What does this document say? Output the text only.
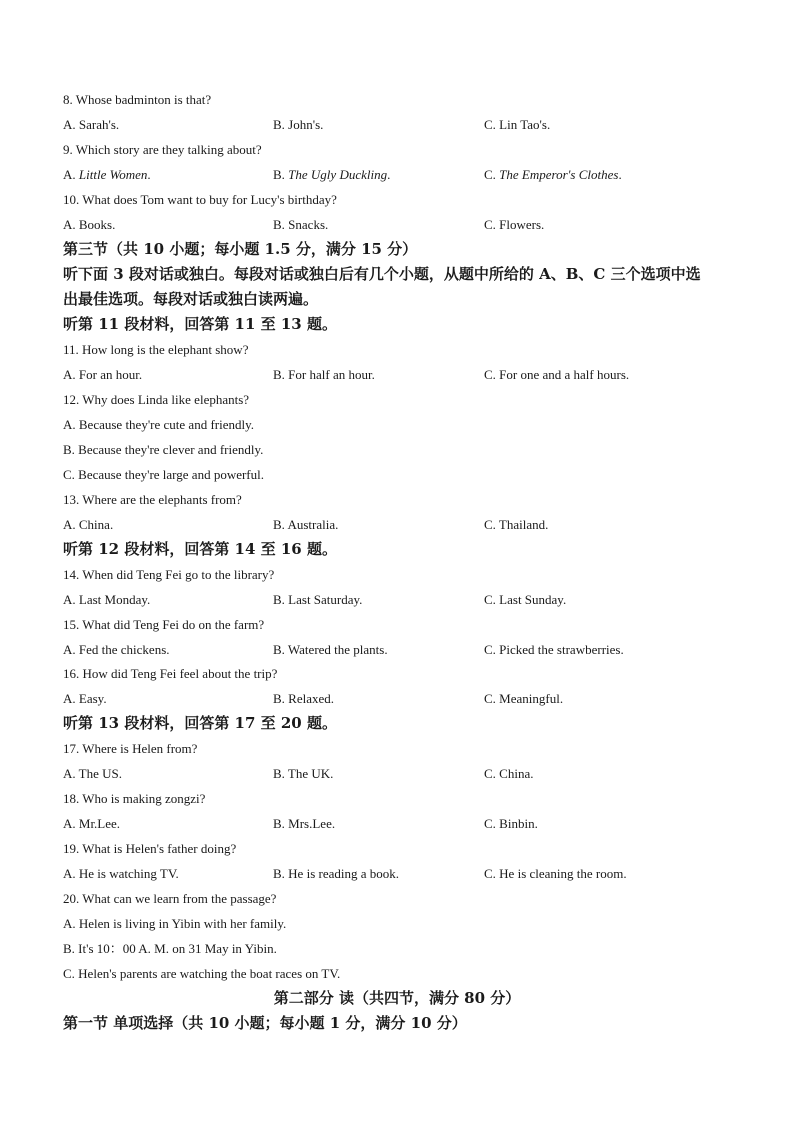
8. Whose badminton is that?
A. Sarah's.	B. John's.	C. Lin Tao's.
9. Which story are they talking about?
A. Little Women.	B. The Ugly Duckling.	C. The Emperor's Clothes.
10. What does Tom want to buy for Lucy's birthday?
A. Books.	B. Snacks.	C. Flowers.
第三节（共 10 小题；每小题 1.5 分，满分 15 分）
听下面 3 段对话或独白。每段对话或独白后有几个小题，从题中所给的 A、B、C 三个选项中选
出最佳选项。每段对话或独白读两遍。
听第 11 段材料，回答第 11 至 13 题。
11. How long is the elephant show?
A. For an hour.	B. For half an hour.	C. For one and a half hours.
12. Why does Linda like elephants?
A. Because they're cute and friendly.
B. Because they're clever and friendly.
C. Because they're large and powerful.
13. Where are the elephants from?
A. China.	B. Australia.	C. Thailand.
听第 12 段材料，回答第 14 至 16 题。
14. When did Teng Fei go to the library?
A. Last Monday.	B. Last Saturday.	C. Last Sunday.
15. What did Teng Fei do on the farm?
A. Fed the chickens.	B. Watered the plants.	C. Picked the strawberries.
16. How did Teng Fei feel about the trip?
A. Easy.	B. Relaxed.	C. Meaningful.
听第 13 段材料，回答第 17 至 20 题。
17. Where is Helen from?
A. The US.	B. The UK.	C. China.
18. Who is making zongzi?
A. Mr.Lee.	B. Mrs.Lee.	C. Binbin.
19. What is Helen's father doing?
A. He is watching TV.	B. He is reading a book.	C. He is cleaning the room.
20. What can we learn from the passage?
A. Helen is living in Yibin with her family.
B. It's 10：00 A. M. on 31 May in Yibin.
C. Helen's parents are watching the boat races on TV.
第二部分 读（共四节，满分 80 分）
第一节 单项选择（共 10 小题；每小题 1 分，满分 10 分）
